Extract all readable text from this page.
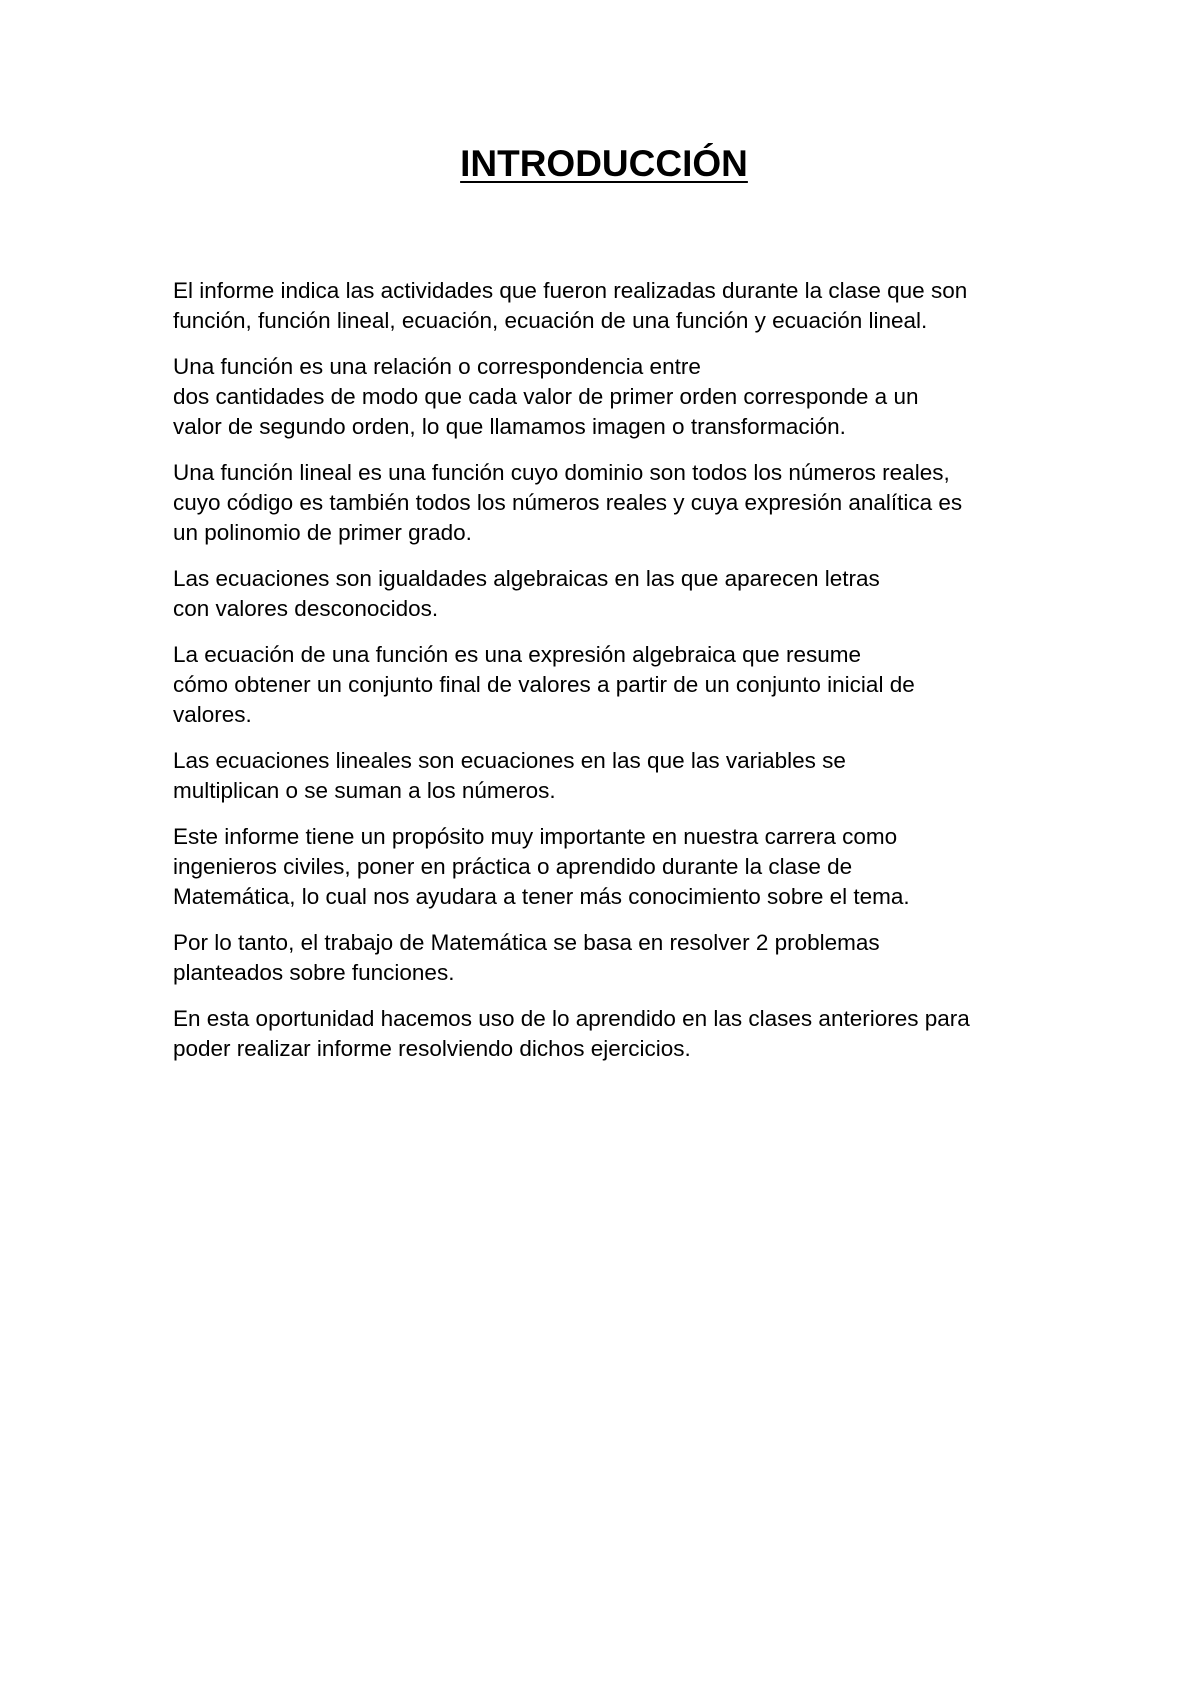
INTRODUCCIÓN

El informe indica las actividades que fueron realizadas durante la clase que son
función, función lineal, ecuación, ecuación de una función y ecuación lineal.

Una función es una relación o correspondencia entre
dos cantidades de modo que cada valor de primer orden corresponde a un
valor de segundo orden, lo que llamamos imagen o transformación.

Una función lineal es una función cuyo dominio son todos los números reales,
cuyo código es también todos los números reales y cuya expresión analítica es
un polinomio de primer grado.

Las ecuaciones son igualdades algebraicas en las que aparecen letras
con valores desconocidos.

La ecuación de una función es una expresión algebraica que resume
cómo obtener un conjunto final de valores a partir de un conjunto inicial de
valores.

Las ecuaciones lineales son ecuaciones en las que las variables se
multiplican o se suman a los números.

Este informe tiene un propósito muy importante en nuestra carrera como
ingenieros civiles, poner en práctica o aprendido durante la clase de
Matemática, lo cual nos ayudara a tener más conocimiento sobre el tema.

Por lo tanto, el trabajo de Matemática se basa en resolver 2 problemas
planteados sobre funciones.

En esta oportunidad hacemos uso de lo aprendido en las clases anteriores para
poder realizar informe resolviendo dichos ejercicios.
